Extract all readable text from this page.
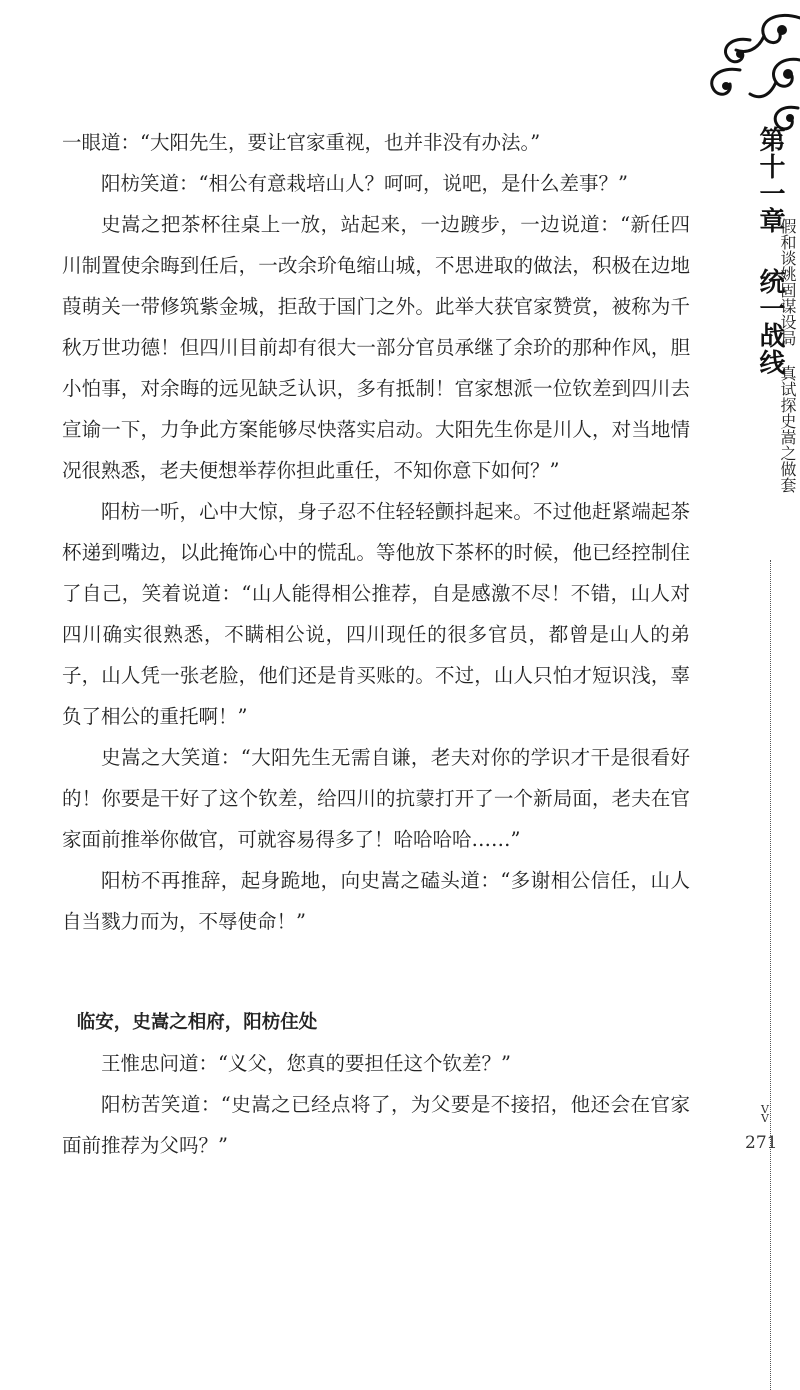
一眼道：“大阳先生，要让官家重视，也并非没有办法。”

阳枋笑道：“相公有意栽培山人？呵呵，说吧，是什么差事？”

史嵩之把茶杯往桌上一放，站起来，一边踱步，一边说道：“新任四川制置使余晦到任后，一改余玠龟缩山城，不思进取的做法，积极在边地葭萌关一带修筑紫金城，拒敌于国门之外。此举大获官家赞赏，被称为千秋万世功德！但四川目前却有很大一部分官员承继了余玠的那种作风，胆小怕事，对余晦的远见缺乏认识，多有抵制！官家想派一位钦差到四川去宣谕一下，力争此方案能够尽快落实启动。大阳先生你是川人，对当地情况很熟悉，老夫便想举荐你担此重任，不知你意下如何？”

阳枋一听，心中大惊，身子忍不住轻轻颤抖起来。不过他赶紧端起茶杯递到嘴边，以此掩饰心中的慌乱。等他放下茶杯的时候，他已经控制住了自己，笑着说道：“山人能得相公推荐，自是感激不尽！不错，山人对四川确实很熟悉，不瞒相公说，四川现任的很多官员，都曾是山人的弟子，山人凭一张老脸，他们还是肯买账的。不过，山人只怕才短识浅，辜负了相公的重托啊！”

史嵩之大笑道：“大阳先生无需自谦，老夫对你的学识才干是很看好的！你要是干好了这个钦差，给四川的抗蒙打开了一个新局面，老夫在官家面前推举你做官，可就容易得多了！哈哈哈哈……”

阳枋不再推辞，起身跪地，向史嵩之磕头道：“多谢相公信任，山人自当戮力而为，不辱使命！”

临安，史嵩之相府，阳枋住处

王惟忠问道：“义父，您真的要担任这个钦差？”

阳枋苦笑道：“史嵩之已经点将了，为父要是不接招，他还会在官家面前推荐为父吗？”

第十一章统一战线
假和谈姚固谋设局 真试探史嵩之做套
V V
271
